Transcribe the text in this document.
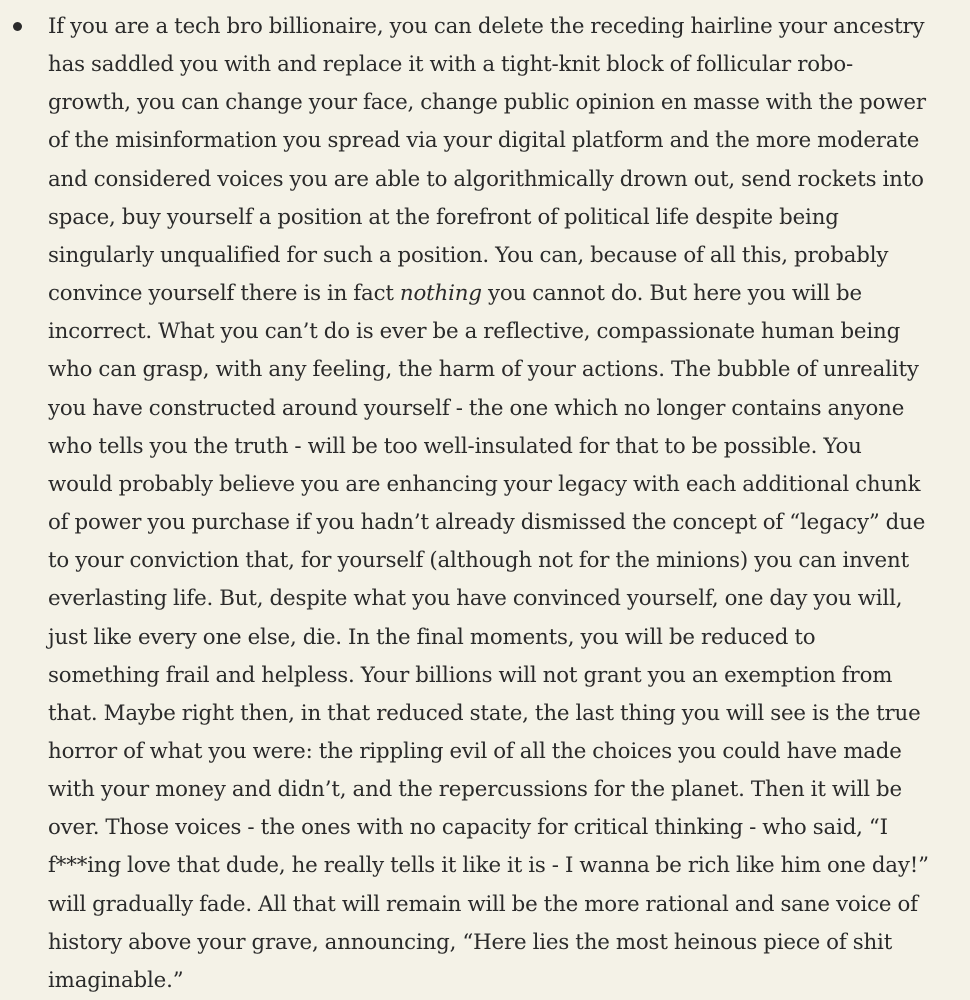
If you are a tech bro billionaire, you can delete the receding hairline your ancestry
has saddled you with and replace it with a tight-knit block of follicular robo-
growth, you can change your face, change public opinion en masse with the power
of the misinformation you spread via your digital platform and the more moderate
and considered voices you are able to algorithmically drown out, send rockets into
space, buy yourself a position at the forefront of political life despite being
singularly unqualified for such a position. You can, because of all this, probably
convince yourself there is in fact nothing you cannot do. But here you will be
incorrect. What you can’t do is ever be a reflective, compassionate human being
who can grasp, with any feeling, the harm of your actions. The bubble of unreality
you have constructed around yourself - the one which no longer contains anyone
who tells you the truth - will be too well-insulated for that to be possible. You
would probably believe you are enhancing your legacy with each additional chunk
of power you purchase if you hadn’t already dismissed the concept of “legacy” due
to your conviction that, for yourself (although not for the minions) you can invent
everlasting life. But, despite what you have convinced yourself, one day you will,
just like every one else, die. In the final moments, you will be reduced to
something frail and helpless. Your billions will not grant you an exemption from
that. Maybe right then, in that reduced state, the last thing you will see is the true
horror of what you were: the rippling evil of all the choices you could have made
with your money and didn’t, and the repercussions for the planet. Then it will be
over. Those voices - the ones with no capacity for critical thinking - who said, “I
f***ing love that dude, he really tells it like it is - I wanna be rich like him one day!”
will gradually fade. All that will remain will be the more rational and sane voice of
history above your grave, announcing, “Here lies the most heinous piece of shit
imaginable.”
